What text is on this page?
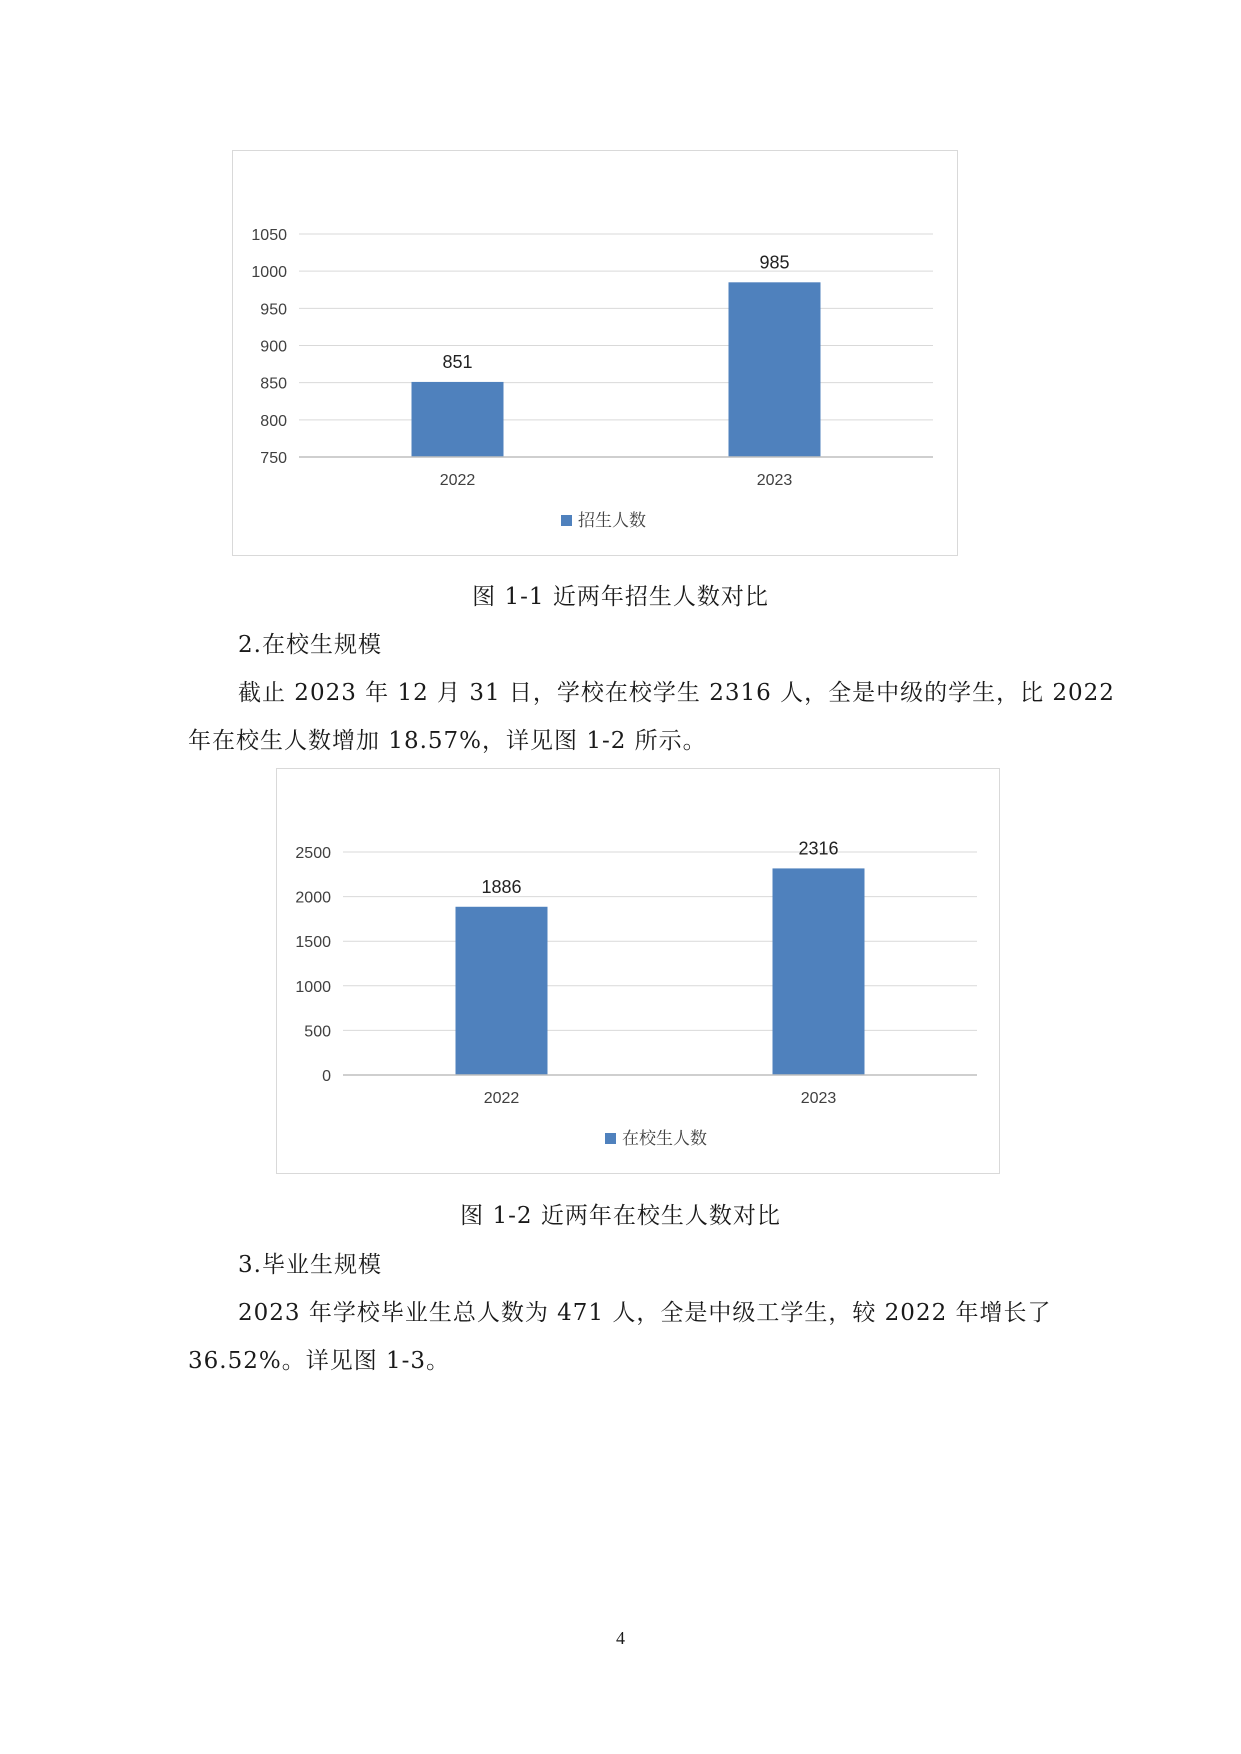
750
800
850
900
950
1000
1050
851
2022
985
2023
招生人数
图 1-1 近两年招生人数对比
2.在校生规模
截止 2023 年 12 月 31 日，学校在校学生 2316 人，全是中级的学生，比 2022
年在校生人数增加 18.57%，详见图 1-2 所示。
0
500
1000
1500
2000
2500
1886
2022
2316
2023
在校生人数
图 1-2 近两年在校生人数对比
3.毕业生规模
2023 年学校毕业生总人数为 471 人，全是中级工学生，较 2022 年增长了
36.52%。详见图 1-3。
4
